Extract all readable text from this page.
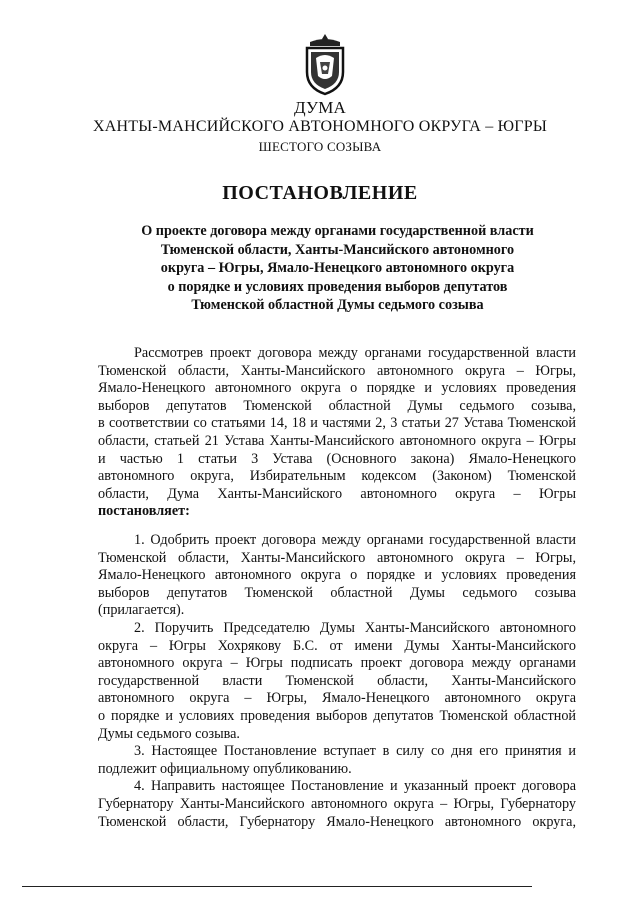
ДУМА
ХАНТЫ-МАНСИЙСКОГО АВТОНОМНОГО ОКРУГА – ЮГРЫ
ШЕСТОГО СОЗЫВА
ПОСТАНОВЛЕНИЕ
О проекте договора между органами государственной власти
Тюменской области, Ханты-Мансийского автономного
округа – Югры, Ямало-Ненецкого автономного округа
о порядке и условиях проведения выборов депутатов
Тюменской областной Думы седьмого созыва
Рассмотрев проект договора между органами государственной власти
Тюменской области, Ханты-Мансийского автономного округа – Югры,
Ямало-Ненецкого автономного округа о порядке и условиях проведения
выборов депутатов Тюменской областной Думы седьмого созыва,
в соответствии со статьями 14, 18 и частями 2, 3 статьи 27 Устава Тюменской
области, статьей 21 Устава Ханты-Мансийского автономного округа – Югры
и частью 1 статьи 3 Устава (Основного закона) Ямало-Ненецкого
автономного округа, Избирательным кодексом (Законом) Тюменской
области, Дума Ханты-Мансийского автономного округа – Югры
постановляет:
1. Одобрить проект договора между органами государственной власти
Тюменской области, Ханты-Мансийского автономного округа – Югры,
Ямало-Ненецкого автономного округа о порядке и условиях проведения
выборов депутатов Тюменской областной Думы седьмого созыва
(прилагается).
2. Поручить Председателю Думы Ханты-Мансийского автономного
округа – Югры Хохрякову Б.С. от имени Думы Ханты-Мансийского
автономного округа – Югры подписать проект договора между органами
государственной власти Тюменской области, Ханты-Мансийского
автономного округа – Югры, Ямало-Ненецкого автономного округа
о порядке и условиях проведения выборов депутатов Тюменской областной
Думы седьмого созыва.
3. Настоящее Постановление вступает в силу со дня его принятия и
подлежит официальному опубликованию.
4. Направить настоящее Постановление и указанный проект договора
Губернатору Ханты-Мансийского автономного округа – Югры, Губернатору
Тюменской области, Губернатору Ямало-Ненецкого автономного округа,
